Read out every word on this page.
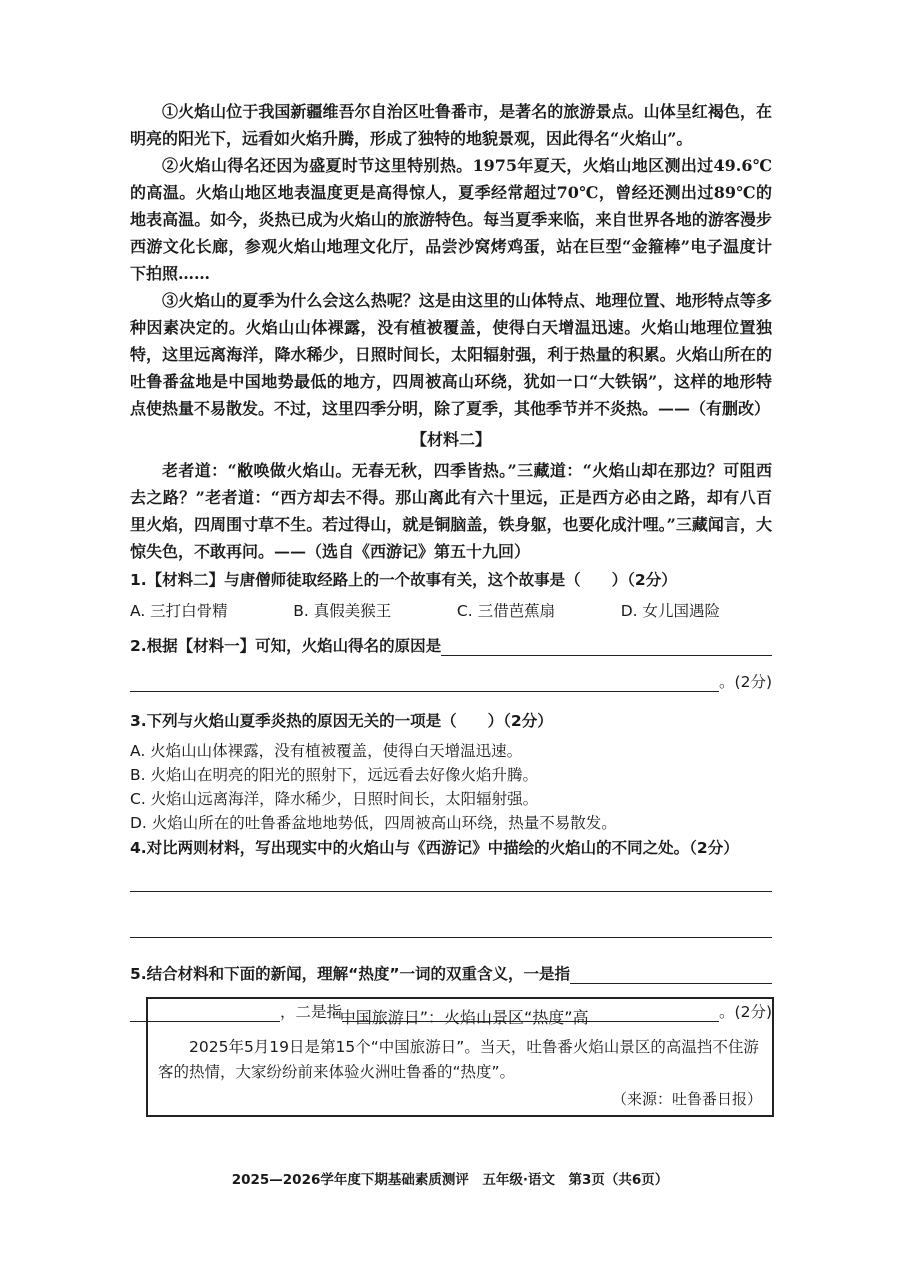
①火焰山位于我国新疆维吾尔自治区吐鲁番市，是著名的旅游景点。山体呈红褐色，在明亮的阳光下，远看如火焰升腾，形成了独特的地貌景观，因此得名“火焰山”。

②火焰山得名还因为盛夏时节这里特别热。1975年夏天，火焰山地区测出过49.6℃的高温。火焰山地区地表温度更是高得惊人，夏季经常超过70℃，曾经还测出过89℃的地表高温。如今，炎热已成为火焰山的旅游特色。每当夏季来临，来自世界各地的游客漫步西游文化长廊，参观火焰山地理文化厅，品尝沙窝烤鸡蛋，站在巨型“金箍棒”电子温度计下拍照……

③火焰山的夏季为什么会这么热呢？这是由这里的山体特点、地理位置、地形特点等多种因素决定的。火焰山山体裸露，没有植被覆盖，使得白天增温迅速。火焰山地理位置独特，这里远离海洋，降水稀少，日照时间长，太阳辐射强，利于热量的积累。火焰山所在的吐鲁番盆地是中国地势最低的地方，四周被高山环绕，犹如一口“大铁锅”，这样的地形特点使热量不易散发。不过，这里四季分明，除了夏季，其他季节并不炎热。——（有删改）

【材料二】

老者道：“敝唤做火焰山。无春无秋，四季皆热。”三藏道：“火焰山却在那边？可阻西去之路？”老者道：“西方却去不得。那山离此有六十里远，正是西方必由之路，却有八百里火焰，四周围寸草不生。若过得山，就是铜脑盖，铁身躯，也要化成汁哩。”三藏闻言，大惊失色，不敢再问。——（选自《西游记》第五十九回）

1.【材料二】与唐僧师徒取经路上的一个故事有关，这个故事是（　　）（2分）

A. 三打白骨精	B. 真假美猴王	C. 三借芭蕉扇	D. 女儿国遇险
2.根据【材料一】可知，火焰山得名的原因是
。(2分)

3.下列与火焰山夏季炎热的原因无关的一项是（　　）（2分）

A. 火焰山山体裸露，没有植被覆盖，使得白天增温迅速。

B. 火焰山在明亮的阳光的照射下，远远看去好像火焰升腾。

C. 火焰山远离海洋，降水稀少，日照时间长，太阳辐射强。

D. 火焰山所在的吐鲁番盆地地势低，四周被高山环绕，热量不易散发。

4.对比两则材料，写出现实中的火焰山与《西游记》中描绘的火焰山的不同之处。（2分）

5.结合材料和下面的新闻，理解“热度”一词的双重含义，一是指
，二是指	。(2分)

“中国旅游日”：火焰山景区“热度”高

2025年5月19日是第15个“中国旅游日”。当天，吐鲁番火焰山景区的高温挡不住游客的热情，大家纷纷前来体验火洲吐鲁番的“热度”。

（来源：吐鲁番日报）

2025—2026学年度下期基础素质测评　五年级·语文　第3页（共6页）
